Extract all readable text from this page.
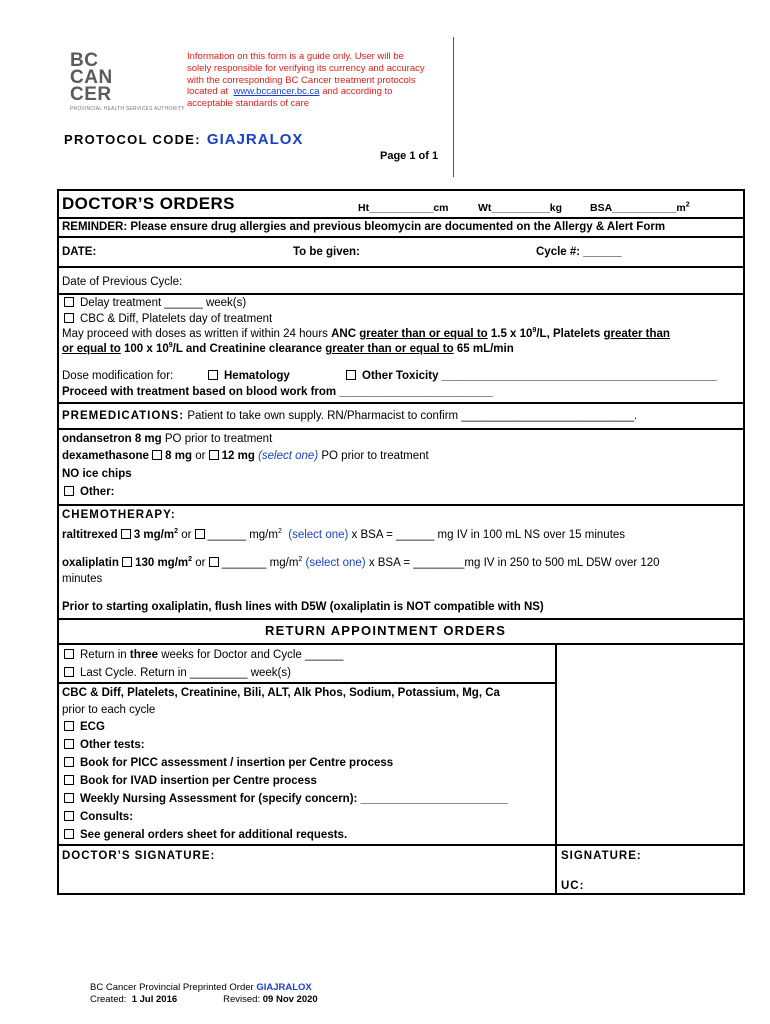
BC
CAN
CER
PROVINCIAL HEALTH SERVICES AUTHORITY
Information on this form is a guide only. User will be
solely responsible for verifying its currency and accuracy
with the corresponding BC Cancer treatment protocols
located at www.bccancer.bc.ca and according to
acceptable standards of care
PROTOCOL CODE: GIAJRALOX
Page 1 of 1
DOCTOR’S ORDERS	Ht___________cm	Wt__________kg	$BSA\_\_\_\_\_\_\_\_\_\_\_m^2$
REMINDER: Please ensure drug allergies and previous bleomycin are documented on the Allergy & Alert Form
DATE:	To be given:	Cycle #: ______
Date of Previous Cycle:
Delay treatment ______ week(s)
CBC & Diff, Platelets day of treatment
May proceed with doses as written if within 24 hours ANC greater than or equal to 1.5 x $10^9/L$, Platelets greater than
or equal to 100 x $10^9/L$ and Creatinine clearance greater than or equal to 65 mL/min
Dose modification for:	Hematology	Other Toxicity ___________________________________________
Proceed with treatment based on blood work from ________________________
PREMEDICATIONS: Patient to take own supply. RN/Pharmacist to confirm ___________________________.
ondansetron 8 mg PO prior to treatment
dexamethasone 8 mg or 12 mg (select one) PO prior to treatment
NO ice chips
Other:
CHEMOTHERAPY:
raltitrexed 3 $mg/m^2$ or ______ $mg/m^2$ (select one) x BSA = ______ mg IV in 100 mL NS over 15 minutes
oxaliplatin 130 $mg/m^2$ or _______ $mg/m^2$ (select one) x BSA = ________mg IV in 250 to 500 mL D5W over 120
minutes
Prior to starting oxaliplatin, flush lines with D5W (oxaliplatin is NOT compatible with NS)
RETURN APPOINTMENT ORDERS
Return in three weeks for Doctor and Cycle ______
Last Cycle. Return in _________ week(s)
CBC & Diff, Platelets, Creatinine, Bili, ALT, Alk Phos, Sodium, Potassium, Mg, Ca
prior to each cycle
ECG
Other tests:
Book for PICC assessment / insertion per Centre process
Book for IVAD insertion per Centre process
Weekly Nursing Assessment for (specify concern): _______________________
Consults:
See general orders sheet for additional requests.
DOCTOR’S SIGNATURE:	SIGNATURE:
UC:
BC Cancer Provincial Preprinted Order GIAJRALOX
Created: 1 Jul 2016	Revised: 09 Nov 2020
